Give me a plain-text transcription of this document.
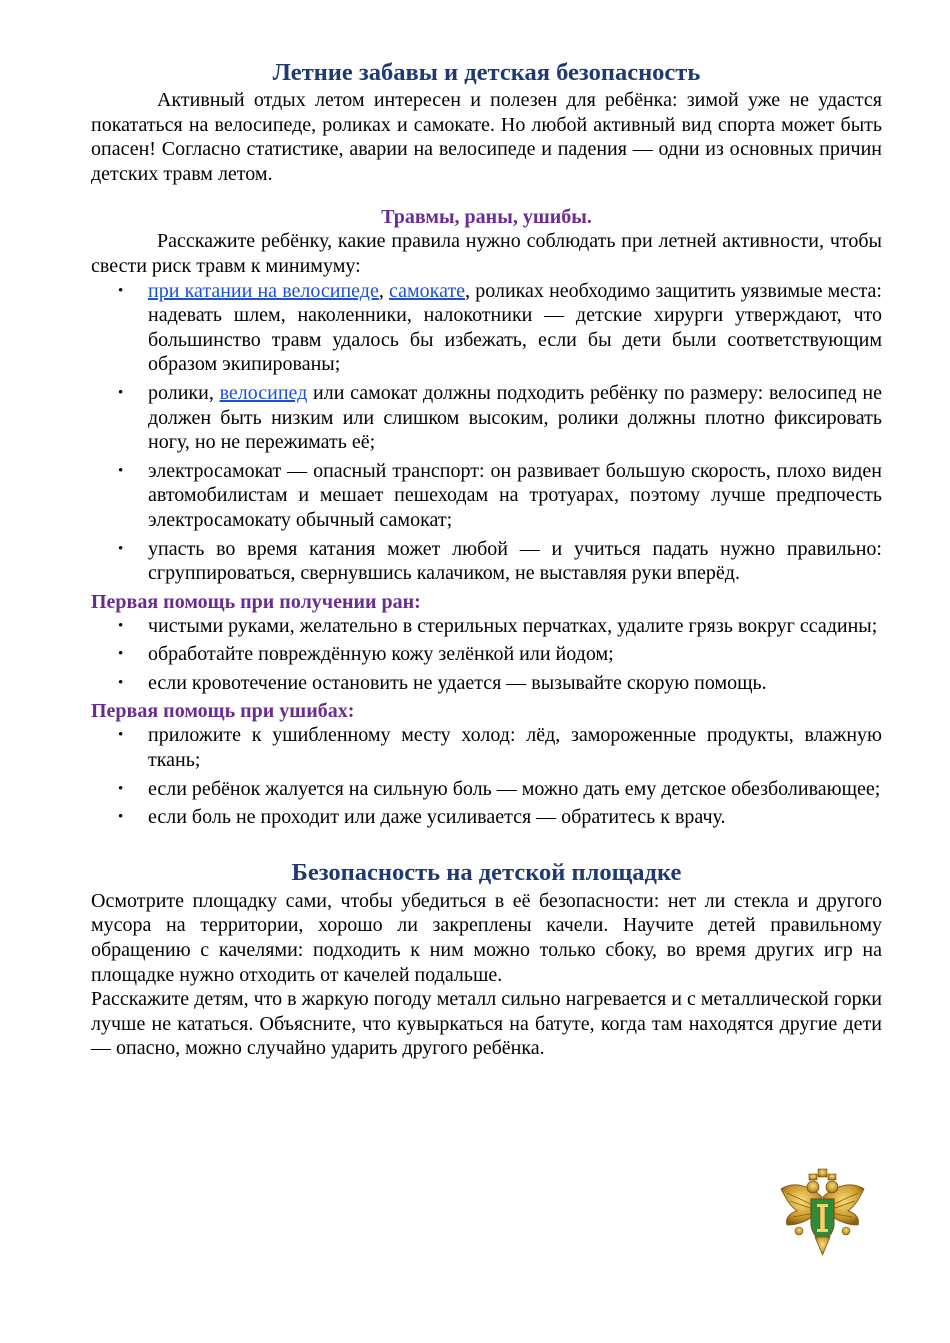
Летние забавы и детская безопасность

Активный отдых летом интересен и полезен для ребёнка: зимой уже не удастся покататься на велосипеде, роликах и самокате. Но любой активный вид спорта может быть опасен! Согласно статистике, аварии на велосипеде и падения — одни из основных причин детских травм летом.

Травмы, раны, ушибы.

Расскажите ребёнку, какие правила нужно соблюдать при летней активности, чтобы свести риск травм к минимуму:

• при катании на велосипеде, самокате, роликах необходимо защитить уязвимые места: надевать шлем, наколенники, налокотники — детские хирурги утверждают, что большинство травм удалось бы избежать, если бы дети были соответствующим образом экипированы;
• ролики, велосипед или самокат должны подходить ребёнку по размеру: велосипед не должен быть низким или слишком высоким, ролики должны плотно фиксировать ногу, но не пережимать её;
• электросамокат — опасный транспорт: он развивает большую скорость, плохо виден автомобилистам и мешает пешеходам на тротуарах, поэтому лучше предпочесть электросамокату обычный самокат;
• упасть во время катания может любой — и учиться падать нужно правильно: сгруппироваться, свернувшись калачиком, не выставляя руки вперёд.
Первая помощь при получении ран:
• чистыми руками, желательно в стерильных перчатках, удалите грязь вокруг ссадины;
• обработайте повреждённую кожу зелёнкой или йодом;
• если кровотечение остановить не удается — вызывайте скорую помощь.
Первая помощь при ушибах:
• приложите к ушибленному месту холод: лёд, замороженные продукты, влажную ткань;
• если ребёнок жалуется на сильную боль — можно дать ему детское обезболивающее;
• если боль не проходит или даже усиливается — обратитесь к врачу.
Безопасность на детской площадке

Осмотрите площадку сами, чтобы убедиться в её безопасности: нет ли стекла и другого мусора на территории, хорошо ли закреплены качели. Научите детей правильному обращению с качелями: подходить к ним можно только сбоку, во время других игр на площадке нужно отходить от качелей подальше.

Расскажите детям, что в жаркую погоду металл сильно нагревается и с металлической горки лучше не кататься. Объясните, что кувыркаться на батуте, когда там находятся другие дети — опасно, можно случайно ударить другого ребёнка.
